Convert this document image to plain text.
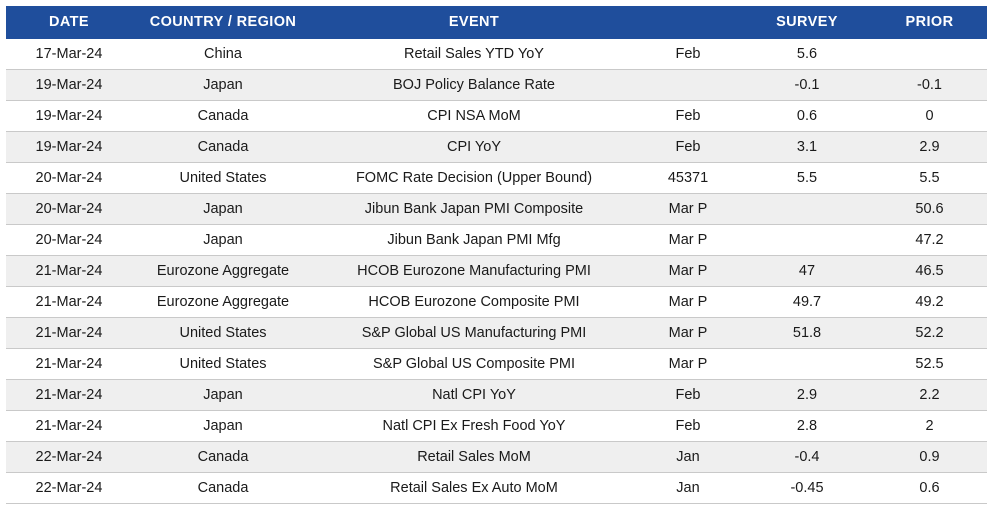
DATE	COUNTRY / REGION	EVENT		SURVEY	PRIOR
17-Mar-24	China	Retail Sales YTD YoY	Feb	5.6	
19-Mar-24	Japan	BOJ Policy Balance Rate		-0.1	-0.1
19-Mar-24	Canada	CPI NSA MoM	Feb	0.6	0
19-Mar-24	Canada	CPI YoY	Feb	3.1	2.9
20-Mar-24	United States	FOMC Rate Decision (Upper Bound)	45371	5.5	5.5
20-Mar-24	Japan	Jibun Bank Japan PMI Composite	Mar P		50.6
20-Mar-24	Japan	Jibun Bank Japan PMI Mfg	Mar P		47.2
21-Mar-24	Eurozone Aggregate	HCOB Eurozone Manufacturing PMI	Mar P	47	46.5
21-Mar-24	Eurozone Aggregate	HCOB Eurozone Composite PMI	Mar P	49.7	49.2
21-Mar-24	United States	S&P Global US Manufacturing PMI	Mar P	51.8	52.2
21-Mar-24	United States	S&P Global US Composite PMI	Mar P		52.5
21-Mar-24	Japan	Natl CPI YoY	Feb	2.9	2.2
21-Mar-24	Japan	Natl CPI Ex Fresh Food YoY	Feb	2.8	2
22-Mar-24	Canada	Retail Sales MoM	Jan	-0.4	0.9
22-Mar-24	Canada	Retail Sales Ex Auto MoM	Jan	-0.45	0.6
